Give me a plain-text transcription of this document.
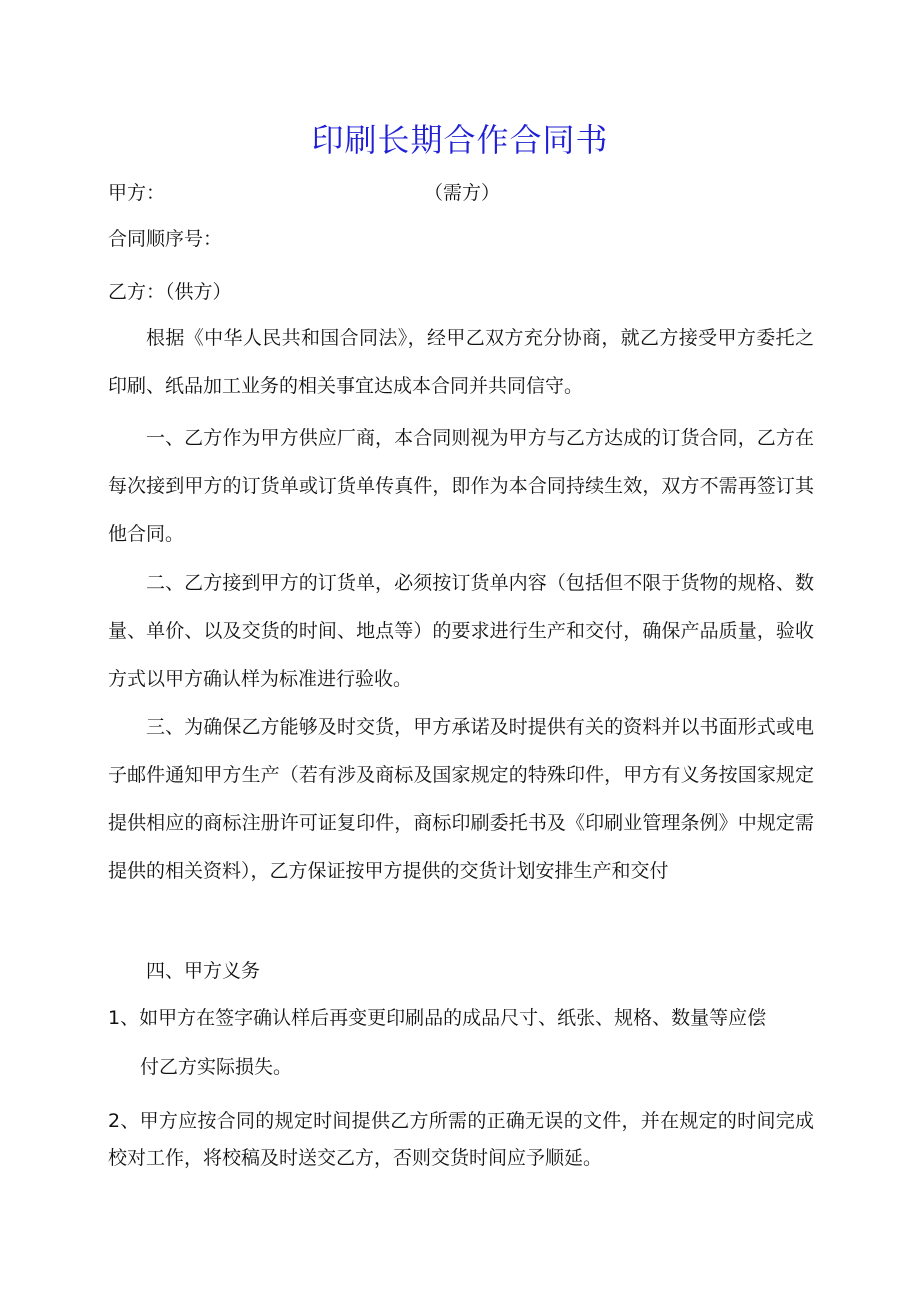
印刷长期合作合同书

甲方：	（需方）

合同顺序号：

乙方：（供方）

根据《中华人民共和国合同法》，经甲乙双方充分协商，就乙方接受甲方委托之印刷、纸品加工业务的相关事宜达成本合同并共同信守。

一、乙方作为甲方供应厂商，本合同则视为甲方与乙方达成的订货合同，乙方在每次接到甲方的订货单或订货单传真件，即作为本合同持续生效，双方不需再签订其他合同。

二、乙方接到甲方的订货单，必须按订货单内容（包括但不限于货物的规格、数量、单价、以及交货的时间、地点等）的要求进行生产和交付，确保产品质量，验收方式以甲方确认样为标准进行验收。

三、为确保乙方能够及时交货，甲方承诺及时提供有关的资料并以书面形式或电子邮件通知甲方生产（若有涉及商标及国家规定的特殊印件，甲方有义务按国家规定提供相应的商标注册许可证复印件，商标印刷委托书及《印刷业管理条例》中规定需提供的相关资料），乙方保证按甲方提供的交货计划安排生产和交付

四、甲方义务

1、如甲方在签字确认样后再变更印刷品的成品尺寸、纸张、规格、数量等应偿

付乙方实际损失。

2、甲方应按合同的规定时间提供乙方所需的正确无误的文件，并在规定的时间完成校对工作，将校稿及时送交乙方，否则交货时间应予顺延。
